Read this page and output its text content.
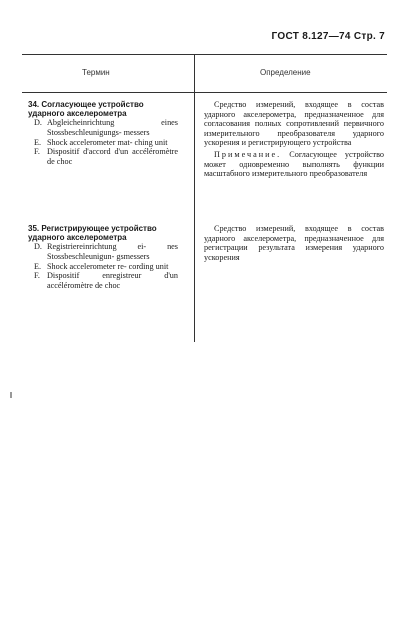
ГОСТ 8.127—74 Стр. 7
Термин	Определение
34. Согласующее устройство
ударного акселерометра
D. Abgleicheinrichtung eines Stossbeschleunigungs- messers
E. Shock accelerometer mat- ching unit
F. Dispositif d'accord d'un accéléromètre de choc

Средство измерений, входящее в состав ударного акселерометра, предназначенное для согласования полных сопротивлений первичного измерительного преобразователя ударного ускорения и регистрирующего устройства

Примечание. Согласующее устройство может одновременно выполнять функции масштабного измерительного преобразователя

35. Регистрирующее устройство
ударного акселерометра
D. Registriereinrichtung ei- nes Stossbeschleunigun- gsmessers
E. Shock accelerometer re- cording unit
F. Dispositif enregistreur d'un accéléromètre de choc

Средство измерений, входящее в состав ударного акселерометра, предназначенное для регистрации результата измерения ударного ускорения
